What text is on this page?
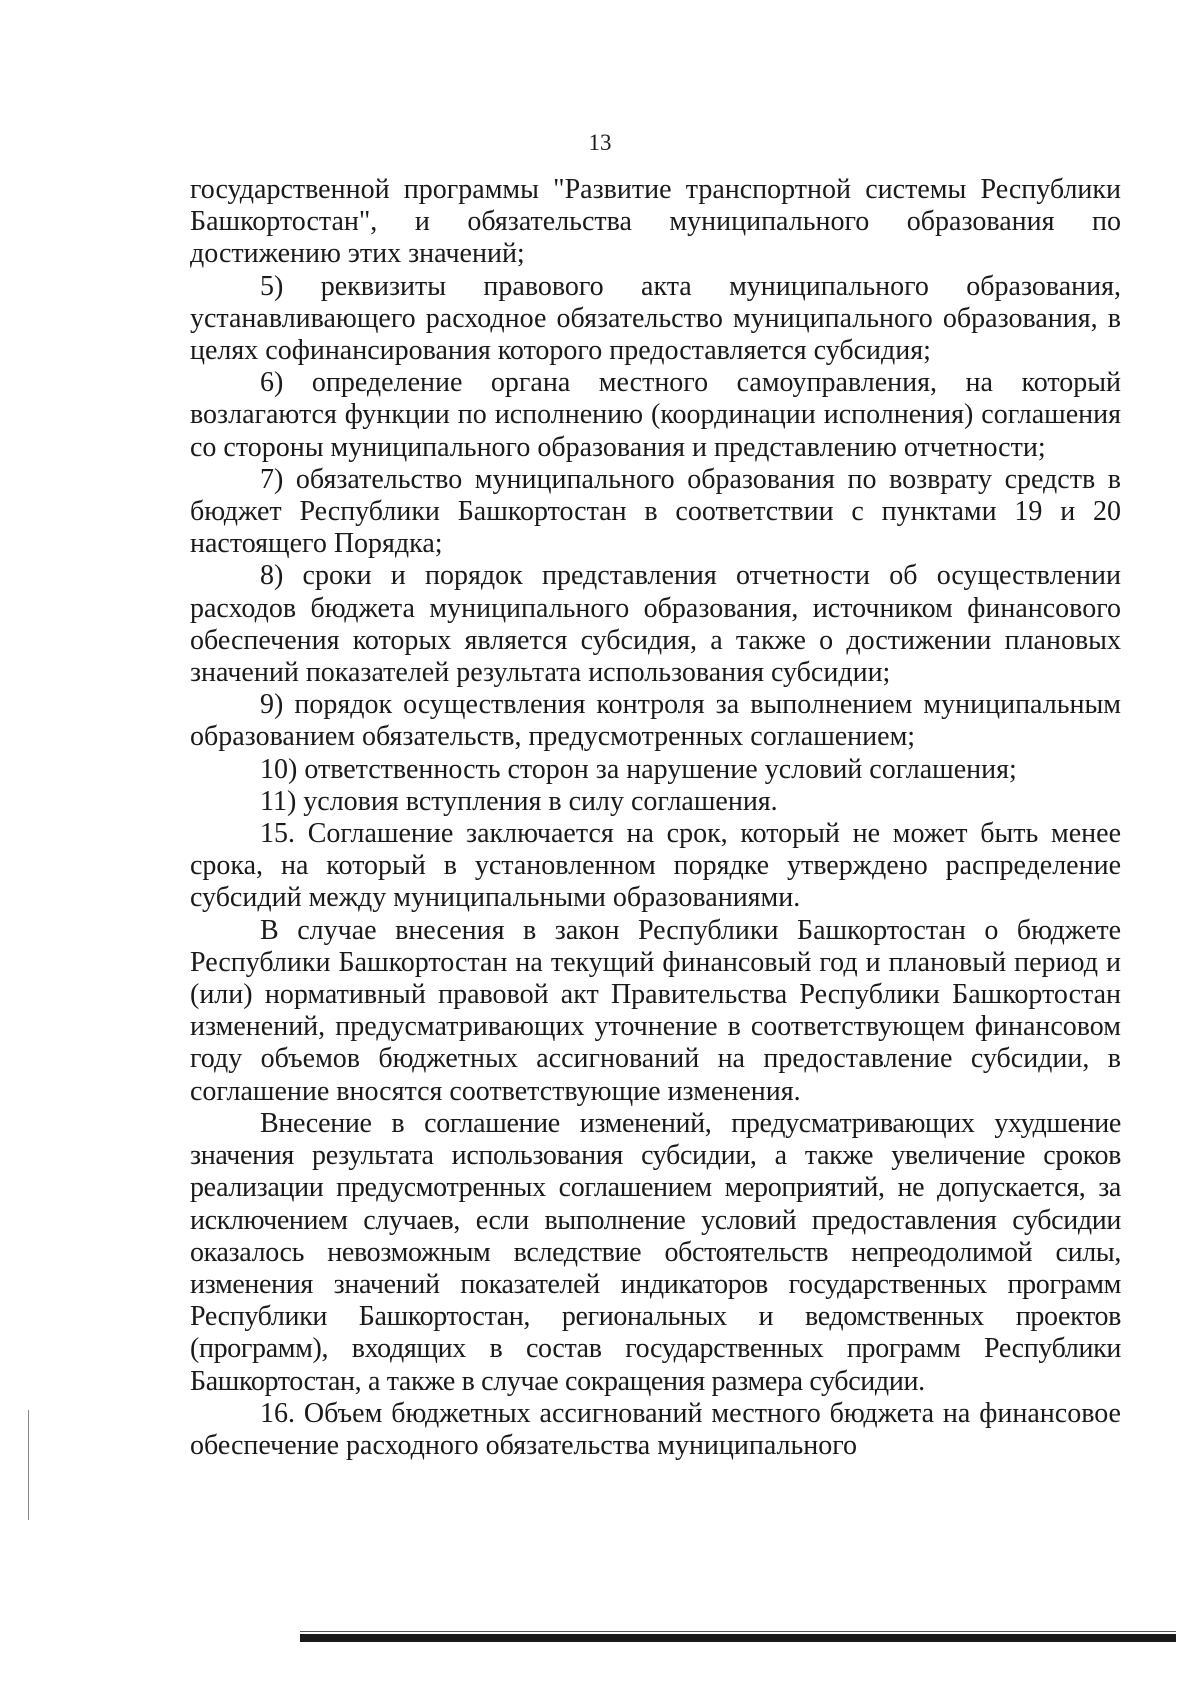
13

государственной программы "Развитие транспортной системы Республики Башкортостан", и обязательства муниципального образования по достижению этих значений;

5) реквизиты правового акта муниципального образования, устанавливающего расходное обязательство муниципального образования, в целях софинансирования которого предоставляется субсидия;

6) определение органа местного самоуправления, на который возлагаются функции по исполнению (координации исполнения) соглашения со стороны муниципального образования и представлению отчетности;

7) обязательство муниципального образования по возврату средств в бюджет Республики Башкортостан в соответствии с пунктами 19 и 20 настоящего Порядка;

8) сроки и порядок представления отчетности об осуществлении расходов бюджета муниципального образования, источником финансового обеспечения которых является субсидия, а также о достижении плановых значений показателей результата использования субсидии;

9) порядок осуществления контроля за выполнением муниципальным образованием обязательств, предусмотренных соглашением;

10) ответственность сторон за нарушение условий соглашения;

11) условия вступления в силу соглашения.

15. Соглашение заключается на срок, который не может быть менее срока, на который в установленном порядке утверждено распределение субсидий между муниципальными образованиями.

В случае внесения в закон Республики Башкортостан о бюджете Республики Башкортостан на текущий финансовый год и плановый период и (или) нормативный правовой акт Правительства Республики Башкортостан изменений, предусматривающих уточнение в соответствующем финансовом году объемов бюджетных ассигнований на предоставление субсидии, в соглашение вносятся соответствующие изменения.

Внесение в соглашение изменений, предусматривающих ухудшение значения результата использования субсидии, а также увеличение сроков реализации предусмотренных соглашением мероприятий, не допускается, за исключением случаев, если выполнение условий предоставления субсидии оказалось невозможным вследствие обстоятельств непреодолимой силы, изменения значений показателей индикаторов государственных программ Республики Башкортостан, региональных и ведомственных проектов (программ), входящих в состав государственных программ Республики Башкортостан, а также в случае сокращения размера субсидии.

16. Объем бюджетных ассигнований местного бюджета на финансовое обеспечение расходного обязательства муниципального
